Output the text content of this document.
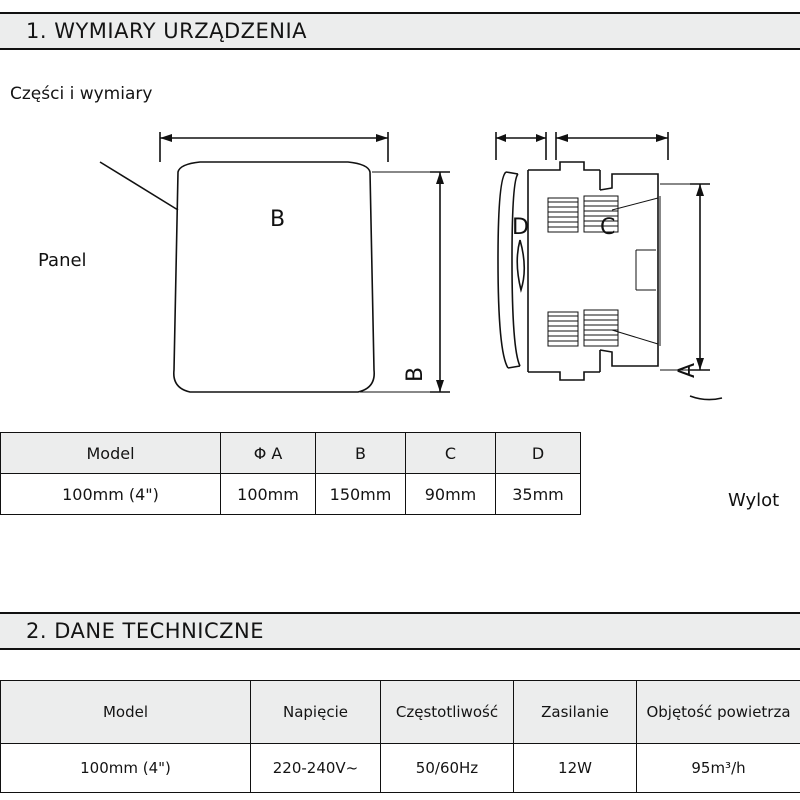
1. WYMIARY URZĄDZENIA
Części i wymiary
Panel
Wylot
B	D	C
B	A
Model	Φ A	B	C	D
100mm (4")	100mm	150mm	90mm	35mm
2. DANE TECHNICZNE
Model	Napięcie	Częstotliwość	Zasilanie	Objętość powietrza
100mm (4")	220-240V~	50/60Hz	12W	95m³/h
